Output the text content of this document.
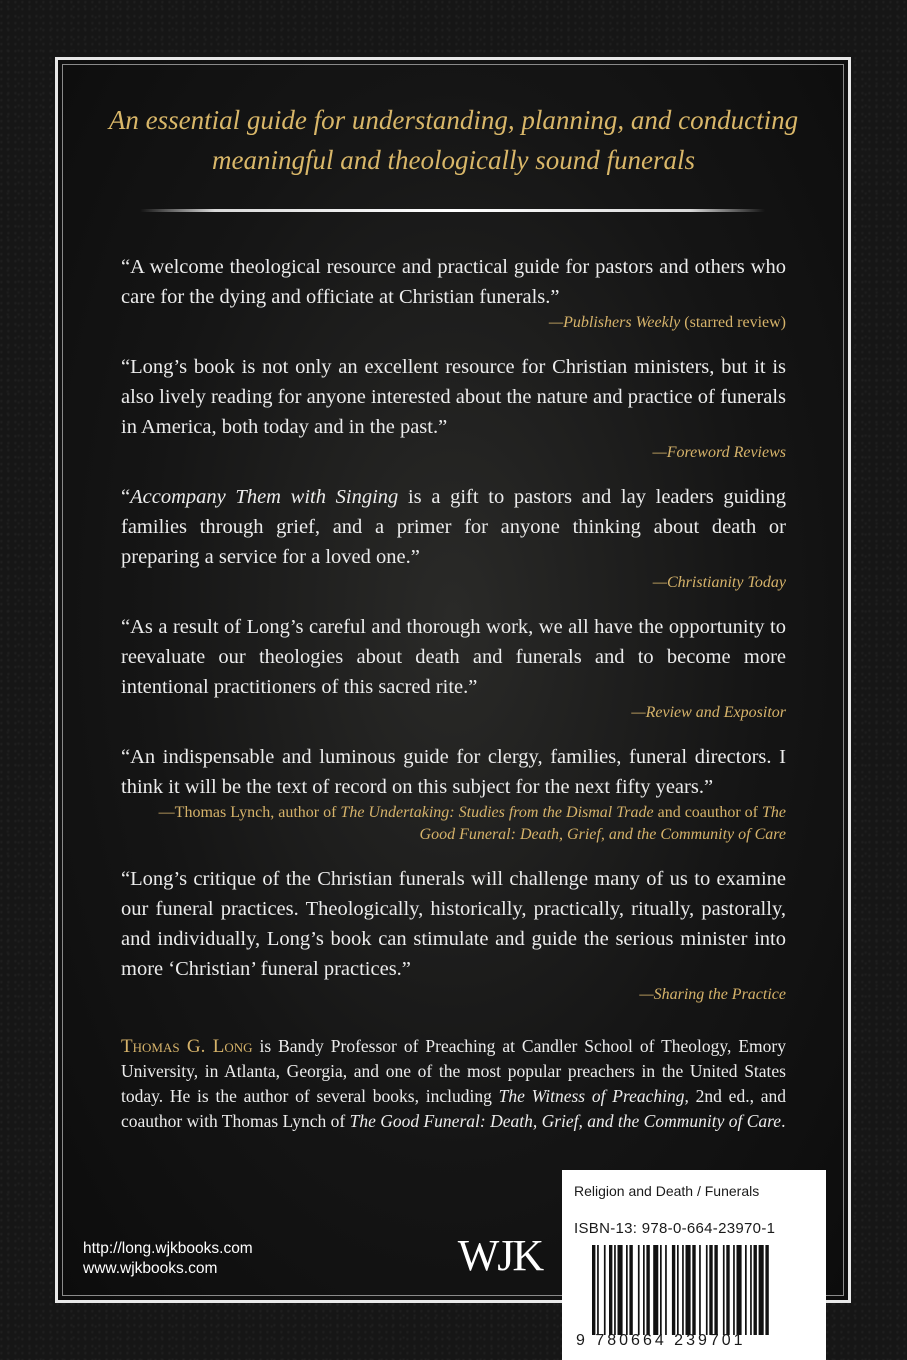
An essential guide for understanding, planning, and conducting
meaningful and theologically sound funerals
“A welcome theological resource and practical guide for pastors and others who care for the dying and officiate at Christian funerals.”
—Publishers Weekly (starred review)
“Long’s book is not only an excellent resource for Christian ministers, but it is also lively reading for anyone interested about the nature and practice of funerals in America, both today and in the past.”
—Foreword Reviews
“Accompany Them with Singing is a gift to pastors and lay leaders guiding families through grief, and a primer for anyone thinking about death or preparing a service for a loved one.”
—Christianity Today
“As a result of Long’s careful and thorough work, we all have the opportunity to reevaluate our theologies about death and funerals and to become more intentional practitioners of this sacred rite.”
—Review and Expositor
“An indispensable and luminous guide for clergy, families, funeral directors. I think it will be the text of record on this subject for the next fifty years.”
—Thomas Lynch, author of The Undertaking: Studies from the Dismal Trade and coauthor of The Good Funeral: Death, Grief, and the Community of Care
“Long’s critique of the Christian funerals will challenge many of us to examine our funeral practices. Theologically, historically, practically, ritually, pastorally, and individually, Long’s book can stimulate and guide the serious minister into more ‘Christian’ funeral practices.”
—Sharing the Practice
Thomas G. Long is Bandy Professor of Preaching at Candler School of Theology, Emory University, in Atlanta, Georgia, and one of the most popular preachers in the United States today. He is the author of several books, including The Witness of Preaching, 2nd ed., and coauthor with Thomas Lynch of The Good Funeral: Death, Grief, and the Community of Care.
http://long.wjkbooks.com
www.wjkbooks.com	WJK
Religion and Death / Funerals
ISBN-13: 978-0-664-23970-1
9 780664 239701
